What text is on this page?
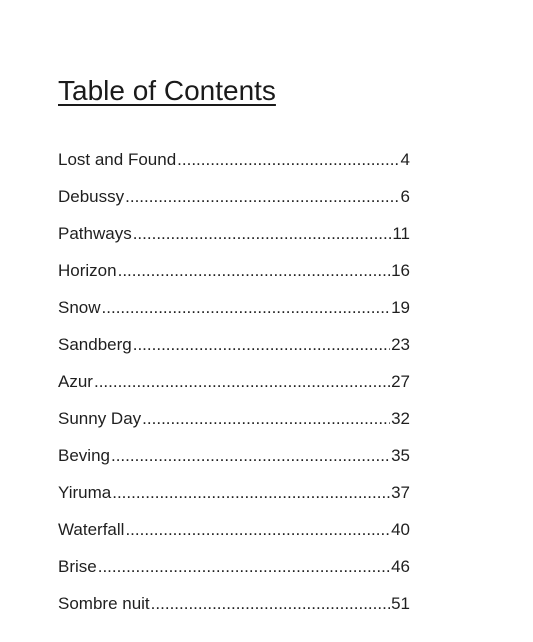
Table of Contents
Lost and Found .....	4
Debussy .....	6
Pathways .....	11
Horizon .....	16
Snow .....	19
Sandberg .....	23
Azur .....	27
Sunny Day .....	32
Beving .....	35
Yiruma .....	37
Waterfall .....	40
Brise .....	46
Sombre nuit .....	51
